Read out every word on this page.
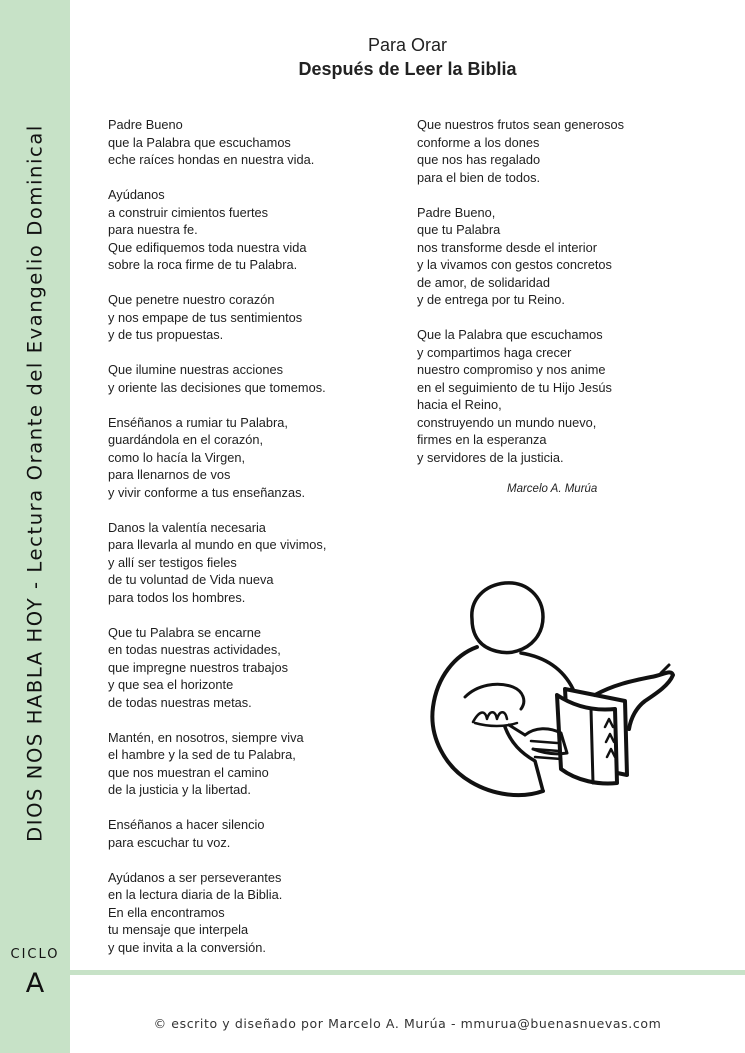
DIOS NOS HABLA HOY - Lectura Orante del Evangelio Dominical
CICLO
A
Para Orar
Después de Leer la Biblia
Padre Bueno
que la Palabra que escuchamos
eche raíces hondas en nuestra vida.
Ayúdanos
a construir cimientos fuertes
para nuestra fe.
Que edifiquemos toda nuestra vida
sobre la roca firme de tu Palabra.
Que penetre nuestro corazón
y nos empape de tus sentimientos
y de tus propuestas.
Que ilumine nuestras acciones
y oriente las decisiones que tomemos.
Enséñanos a rumiar tu Palabra,
guardándola en el corazón,
como lo hacía la Virgen,
para llenarnos de vos
y vivir conforme a tus enseñanzas.
Danos la valentía necesaria
para llevarla al mundo en que vivimos,
y allí ser testigos fieles
de tu voluntad de Vida nueva
para todos los hombres.
Que tu Palabra se encarne
en todas nuestras actividades,
que impregne nuestros trabajos
y que sea el horizonte
de todas nuestras metas.
Mantén, en nosotros, siempre viva
el hambre y la sed de tu Palabra,
que nos muestran el camino
de la justicia y la libertad.
Enséñanos a hacer silencio
para escuchar tu voz.
Ayúdanos a ser perseverantes
en la lectura diaria de la Biblia.
En ella encontramos
tu mensaje que interpela
y que invita a la conversión.
Que nuestros frutos sean generosos
conforme a los dones
que nos has regalado
para el bien de todos.
Padre Bueno,
que tu Palabra
nos transforme desde el interior
y la vivamos con gestos concretos
de amor, de solidaridad
y de entrega por tu Reino.
Que la Palabra que escuchamos
y compartimos haga crecer
nuestro compromiso y nos anime
en el seguimiento de tu Hijo Jesús
hacia el Reino,
construyendo un mundo nuevo,
firmes en la esperanza
y servidores de la justicia.
Marcelo A. Murúa
© escrito y diseñado por Marcelo A. Murúa - mmurua@buenasnuevas.com
